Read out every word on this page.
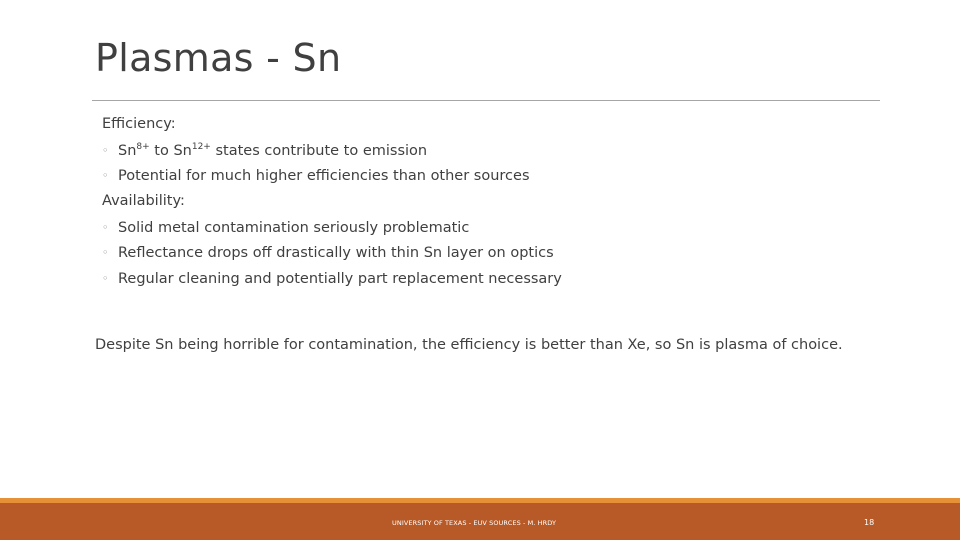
Plasmas - Sn
Efficiency:
◦ $Sn^{8+}$ to $Sn^{12+}$ states contribute to emission
◦ Potential for much higher efficiencies than other sources
Availability:
◦ Solid metal contamination seriously problematic
◦ Reflectance drops off drastically with thin Sn layer on optics
◦ Regular cleaning and potentially part replacement necessary
Despite Sn being horrible for contamination, the efficiency is better than Xe, so Sn is plasma of choice.
UNIVERSITY OF TEXAS - EUV SOURCES - M. HRDY	18
